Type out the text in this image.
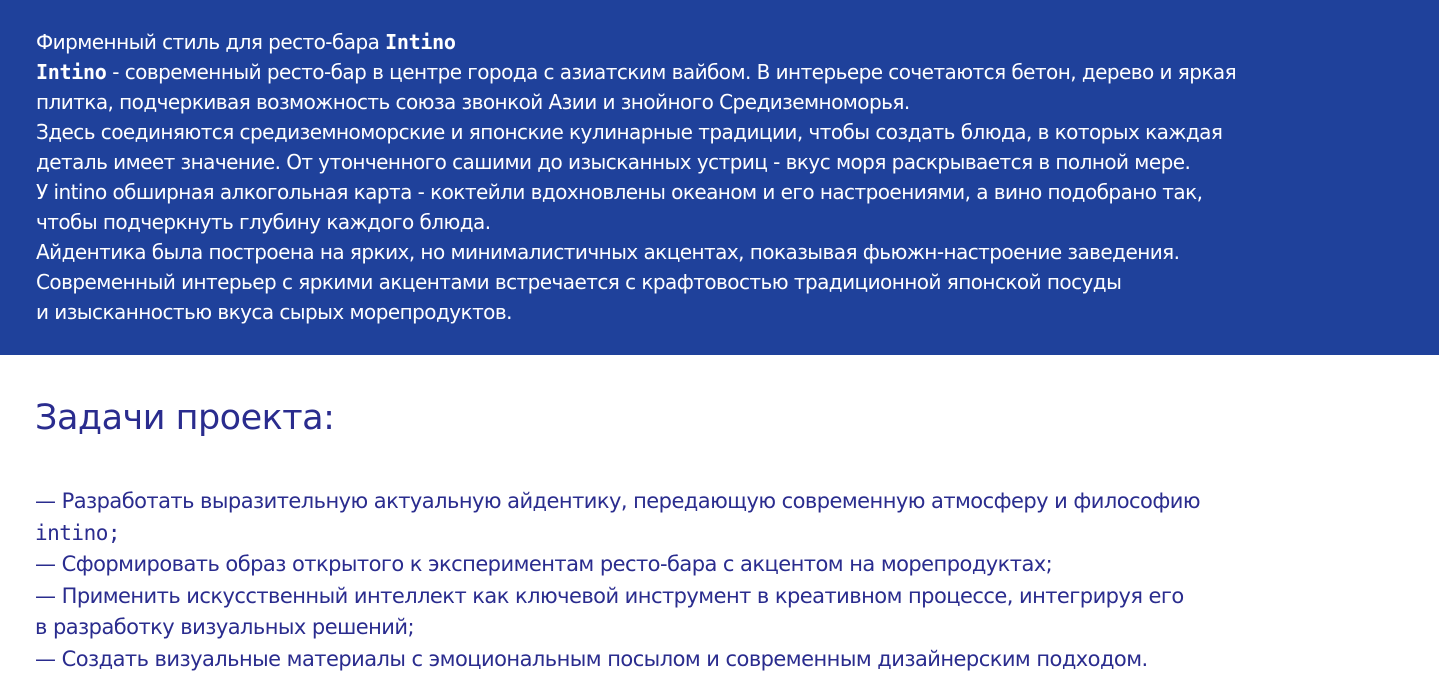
Фирменный стиль для ресто-бара Intino

Intino - современный ресто-бар в центре города с азиатским вайбом. В интерьере сочетаются бетон, дерево и яркая

плитка, подчеркивая возможность союза звонкой Азии и знойного Средиземноморья.

Здесь соединяются средиземноморские и японские кулинарные традиции, чтобы создать блюда, в которых каждая

деталь имеет значение. От утонченного сашими до изысканных устриц - вкус моря раскрывается в полной мере.

У intino обширная алкогольная карта - коктейли вдохновлены океаном и его настроениями, а вино подобрано так,

чтобы подчеркнуть глубину каждого блюда.

Айдентика была построена на ярких, но минималистичных акцентах, показывая фьюжн-настроение заведения.

Современный интерьер с яркими акцентами встречается с крафтовостью традиционной японской посуды

и изысканностью вкуса сырых морепродуктов.

Задачи проекта:
— Разработать выразительную актуальную айдентику, передающую современную атмосферу и философию
intino;
— Сформировать образ открытого к экспериментам ресто-бара с акцентом на морепродуктах;
— Применить искусственный интеллект как ключевой инструмент в креативном процессе, интегрируя его
в разработку визуальных решений;
— Создать визуальные материалы с эмоциональным посылом и современным дизайнерским подходом.
